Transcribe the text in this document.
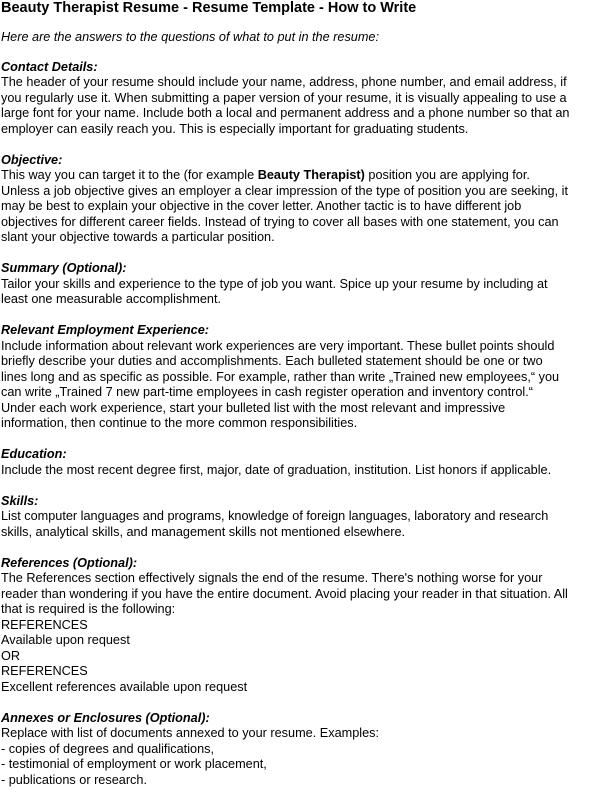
Beauty Therapist Resume - Resume Template - How to Write
Here are the answers to the questions of what to put in the resume:
Contact Details:
The header of your resume should include your name, address, phone number, and email address, if
you regularly use it. When submitting a paper version of your resume, it is visually appealing to use a
large font for your name. Include both a local and permanent address and a phone number so that an
employer can easily reach you. This is especially important for graduating students.
Objective:
This way you can target it to the (for example Beauty Therapist) position you are applying for.
Unless a job objective gives an employer a clear impression of the type of position you are seeking, it
may be best to explain your objective in the cover letter. Another tactic is to have different job
objectives for different career fields. Instead of trying to cover all bases with one statement, you can
slant your objective towards a particular position.
Summary (Optional):
Tailor your skills and experience to the type of job you want. Spice up your resume by including at
least one measurable accomplishment.
Relevant Employment Experience:
Include information about relevant work experiences are very important. These bullet points should
briefly describe your duties and accomplishments. Each bulleted statement should be one or two
lines long and as specific as possible. For example, rather than write „Trained new employees,“ you
can write „Trained 7 new part-time employees in cash register operation and inventory control.“
Under each work experience, start your bulleted list with the most relevant and impressive
information, then continue to the more common responsibilities.
Education:
Include the most recent degree first, major, date of graduation, institution. List honors if applicable.
Skills:
List computer languages and programs, knowledge of foreign languages, laboratory and research
skills, analytical skills, and management skills not mentioned elsewhere.
References (Optional):
The References section effectively signals the end of the resume. There's nothing worse for your
reader than wondering if you have the entire document. Avoid placing your reader in that situation. All
that is required is the following:
REFERENCES
Available upon request
OR
REFERENCES
Excellent references available upon request
Annexes or Enclosures (Optional):
Replace with list of documents annexed to your resume. Examples:
- copies of degrees and qualifications,
- testimonial of employment or work placement,
- publications or research.
